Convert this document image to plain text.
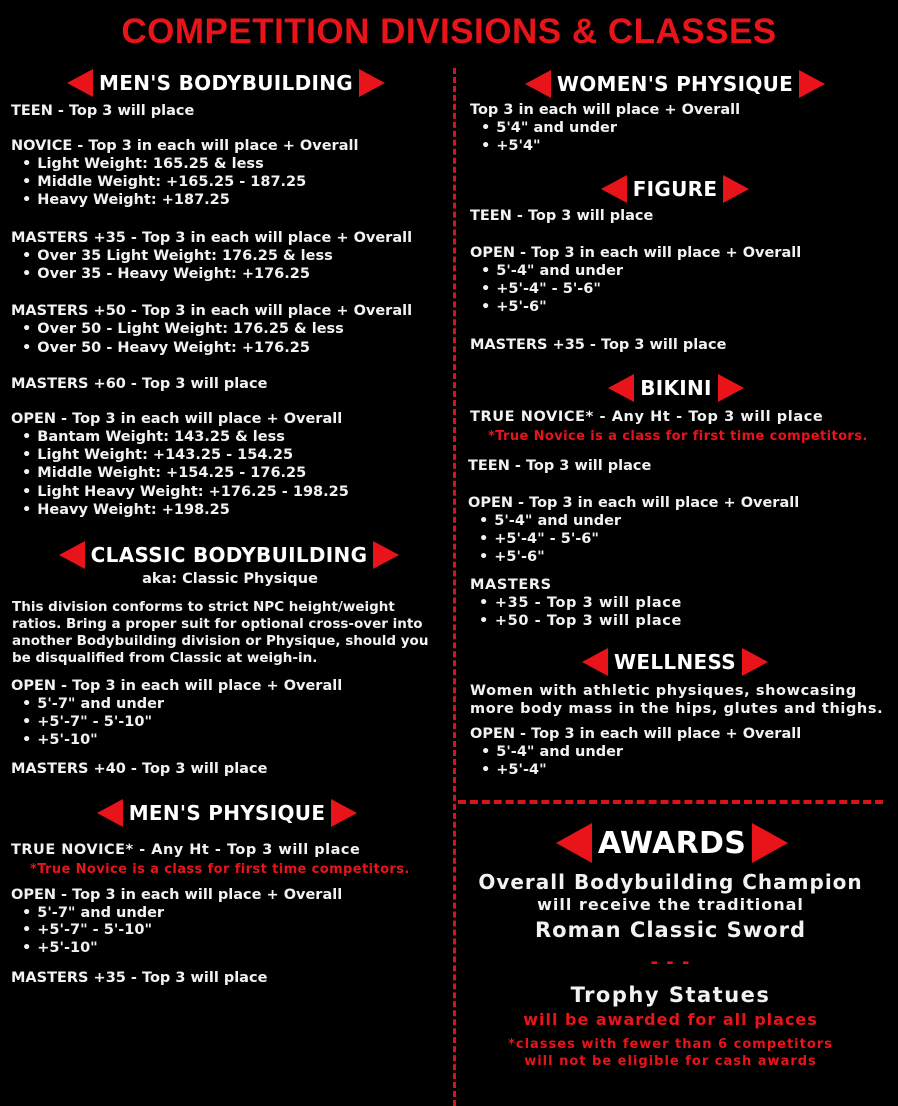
COMPETITION DIVISIONS & CLASSES
MEN'S BODYBUILDING
TEEN - Top 3 will place
NOVICE - Top 3 in each will place + Overall
• Light Weight: 165.25 & less
• Middle Weight: +165.25 - 187.25
• Heavy Weight: +187.25
MASTERS +35 - Top 3 in each will place + Overall
• Over 35 Light Weight: 176.25 & less
• Over 35 - Heavy Weight: +176.25
MASTERS +50 - Top 3 in each will place + Overall
• Over 50 - Light Weight: 176.25 & less
• Over 50 - Heavy Weight: +176.25
MASTERS +60 - Top 3 will place
OPEN - Top 3 in each will place + Overall
• Bantam Weight: 143.25 & less
• Light Weight: +143.25 - 154.25
• Middle Weight: +154.25 - 176.25
• Light Heavy Weight: +176.25 - 198.25
• Heavy Weight: +198.25
CLASSIC BODYBUILDING
aka: Classic Physique
This division conforms to strict NPC height/weight ratios. Bring a proper suit for optional cross-over into another Bodybuilding division or Physique, should you be disqualified from Classic at weigh-in.
OPEN - Top 3 in each will place + Overall
• 5'-7" and under
• +5'-7" - 5'-10"
• +5'-10"
MASTERS +40 - Top 3 will place
MEN'S PHYSIQUE
TRUE NOVICE* - Any Ht - Top 3 will place
*True Novice is a class for first time competitors.
OPEN - Top 3 in each will place + Overall
• 5'-7" and under
• +5'-7" - 5'-10"
• +5'-10"
MASTERS +35 - Top 3 will place
WOMEN'S PHYSIQUE
Top 3 in each will place + Overall
• 5'4" and under
• +5'4"
FIGURE
TEEN - Top 3 will place
OPEN - Top 3 in each will place + Overall
• 5'-4" and under
• +5'-4" - 5'-6"
• +5'-6"
MASTERS +35 - Top 3 will place
BIKINI
TRUE NOVICE* - Any Ht - Top 3 will place
*True Novice is a class for first time competitors.
TEEN - Top 3 will place
OPEN - Top 3 in each will place + Overall
• 5'-4" and under
• +5'-4" - 5'-6"
• +5'-6"
MASTERS
• +35 - Top 3 will place
• +50 - Top 3 will place
WELLNESS
Women with athletic physiques, showcasing
more body mass in the hips, glutes and thighs.
OPEN - Top 3 in each will place + Overall
• 5'-4" and under
• +5'-4"
AWARDS
Overall Bodybuilding Champion
will receive the traditional
Roman Classic Sword
- - -
Trophy Statues
will be awarded for all places
*classes with fewer than 6 competitors
will not be eligible for cash awards
